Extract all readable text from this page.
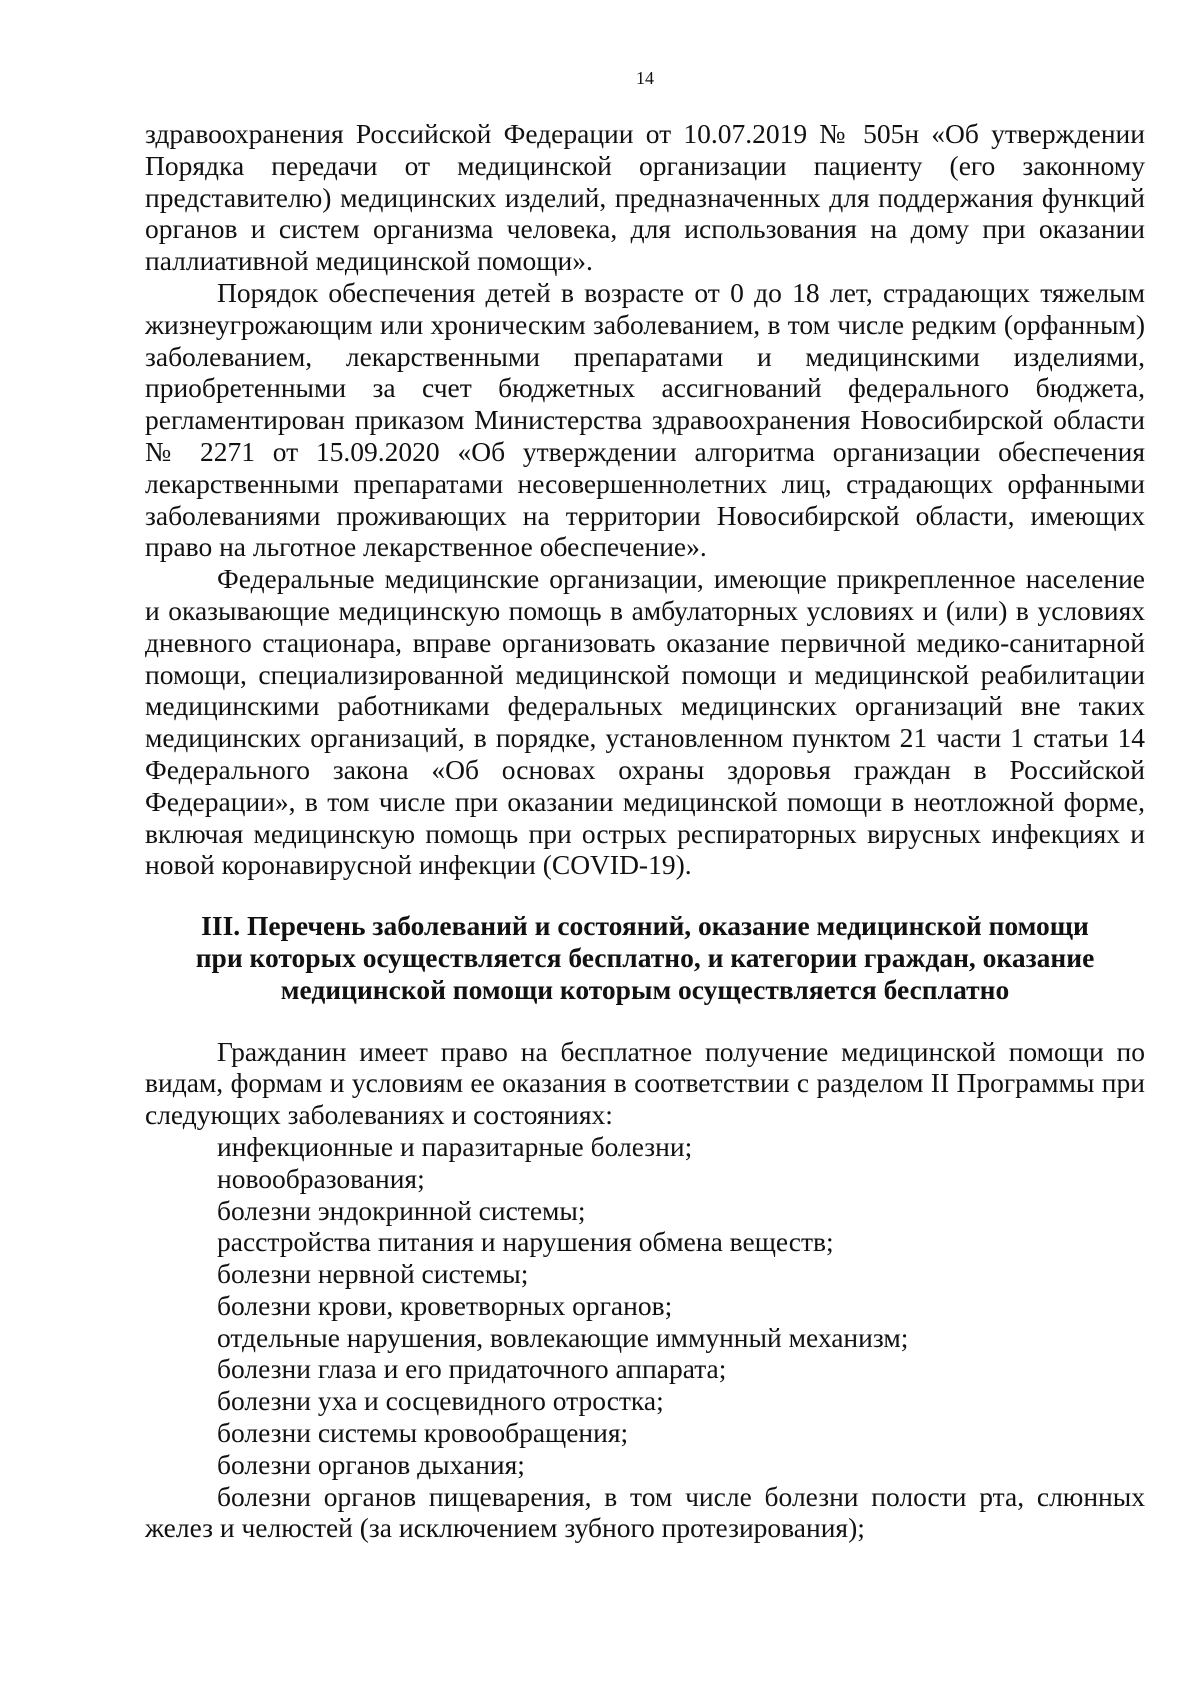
14

здравоохранения Российской Федерации от 10.07.2019 № 505н «Об утверждении Порядка передачи от медицинской организации пациенту (его законному представителю) медицинских изделий, предназначенных для поддержания функций органов и систем организма человека, для использования на дому при оказании паллиативной медицинской помощи».

Порядок обеспечения детей в возрасте от 0 до 18 лет, страдающих тяжелым жизнеугрожающим или хроническим заболеванием, в том числе редким (орфанным) заболеванием, лекарственными препаратами и медицинскими изделиями, приобретенными за счет бюджетных ассигнований федерального бюджета, регламентирован приказом Министерства здравоохранения Новосибирской области № 2271 от 15.09.2020 «Об утверждении алгоритма организации обеспечения лекарственными препаратами несовершеннолетних лиц, страдающих орфанными заболеваниями проживающих на территории Новосибирской области, имеющих право на льготное лекарственное обеспечение».

Федеральные медицинские организации, имеющие прикрепленное население и оказывающие медицинскую помощь в амбулаторных условиях и (или) в условиях дневного стационара, вправе организовать оказание первичной медико-санитарной помощи, специализированной медицинской помощи и медицинской реабилитации медицинскими работниками федеральных медицинских организаций вне таких медицинских организаций, в порядке, установленном пунктом 21 части 1 статьи 14 Федерального закона «Об основах охраны здоровья граждан в Российской Федерации», в том числе при оказании медицинской помощи в неотложной форме, включая медицинскую помощь при острых респираторных вирусных инфекциях и новой коронавирусной инфекции (COVID-19).

III. Перечень заболеваний и состояний, оказание медицинской помощи при которых осуществляется бесплатно, и категории граждан, оказание медицинской помощи которым осуществляется бесплатно

Гражданин имеет право на бесплатное получение медицинской помощи по видам, формам и условиям ее оказания в соответствии с разделом II Программы при следующих заболеваниях и состояниях:

инфекционные и паразитарные болезни;
новообразования;
болезни эндокринной системы;
расстройства питания и нарушения обмена веществ;
болезни нервной системы;
болезни крови, кроветворных органов;
отдельные нарушения, вовлекающие иммунный механизм;
болезни глаза и его придаточного аппарата;
болезни уха и сосцевидного отростка;
болезни системы кровообращения;
болезни органов дыхания;
болезни органов пищеварения, в том числе болезни полости рта, слюнных желез и челюстей (за исключением зубного протезирования);
